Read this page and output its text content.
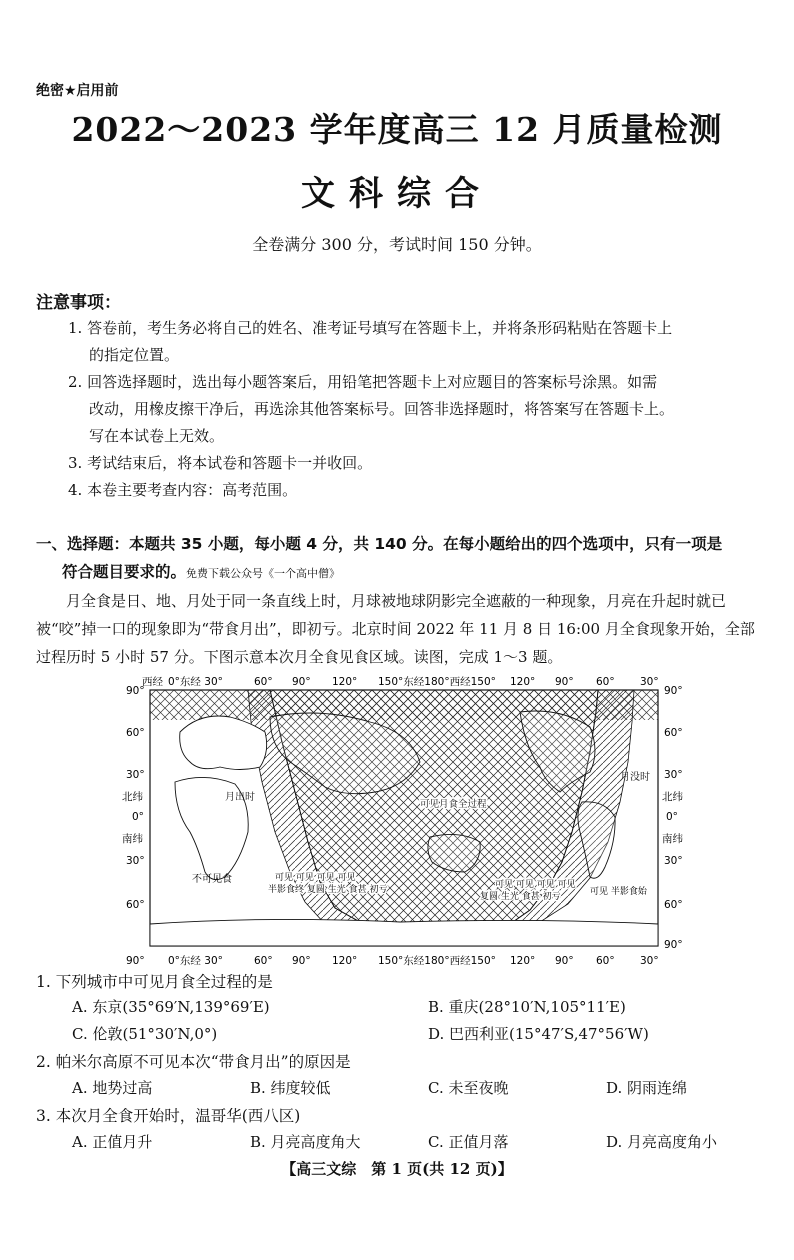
绝密★启用前
2022～2023 学年度高三 12 月质量检测
文科综合
全卷满分 300 分，考试时间 150 分钟。
注意事项：
1. 答卷前，考生务必将自己的姓名、准考证号填写在答题卡上，并将条形码粘贴在答题卡上
的指定位置。
2. 回答选择题时，选出每小题答案后，用铅笔把答题卡上对应题目的答案标号涂黑。如需
改动，用橡皮擦干净后，再选涂其他答案标号。回答非选择题时，将答案写在答题卡上。
写在本试卷上无效。
3. 考试结束后，将本试卷和答题卡一并收回。
4. 本卷主要考查内容：高考范围。
一、选择题：本题共 35 小题，每小题 4 分，共 140 分。在每小题给出的四个选项中，只有一项是
符合题目要求的。免费下载公众号《一个高中僧》
月全食是日、地、月处于同一条直线上时，月球被地球阴影完全遮蔽的一种现象，月亮在升起时就已被“咬”掉一口的现象即为“带食月出”，即初亏。北京时间 2022 年 11 月 8 日 16:00 月全食现象开始，全部过程历时 5 小时 57 分。下图示意本次月全食见食区域。读图，完成 1～3 题。
西经 0°东经 30°	60° 90° 120° 150°东经180°西经150° 120° 90° 60° 30°
90°
60°
30°
北纬
0°
南纬
30°
60°
90°
60°
30°
北纬
0°
南纬
30°
60°
90°
月出时
月没时
可见月食全过程
不可见食	可见 可见 可见 可见
半影食终 复圆 生光 食甚 初亏	可见 可见 可见 可见
复圆 生光 食甚 初亏	可见 半影食始
90° 0°东经 30°	60° 90° 120° 150°东经180°西经150° 120° 90° 60° 30°
1. 下列城市中可见月食全过程的是
A. 东京(35°69′N,139°69′E)	B. 重庆(28°10′N,105°11′E)
C. 伦敦(51°30′N,0°)	D. 巴西利亚(15°47′S,47°56′W)
2. 帕米尔高原不可见本次“带食月出”的原因是
A. 地势过高	B. 纬度较低	C. 未至夜晚	D. 阴雨连绵
3. 本次月全食开始时，温哥华(西八区)
A. 正值月升	B. 月亮高度角大	C. 正值月落	D. 月亮高度角小
【高三文综　第 1 页(共 12 页)】
